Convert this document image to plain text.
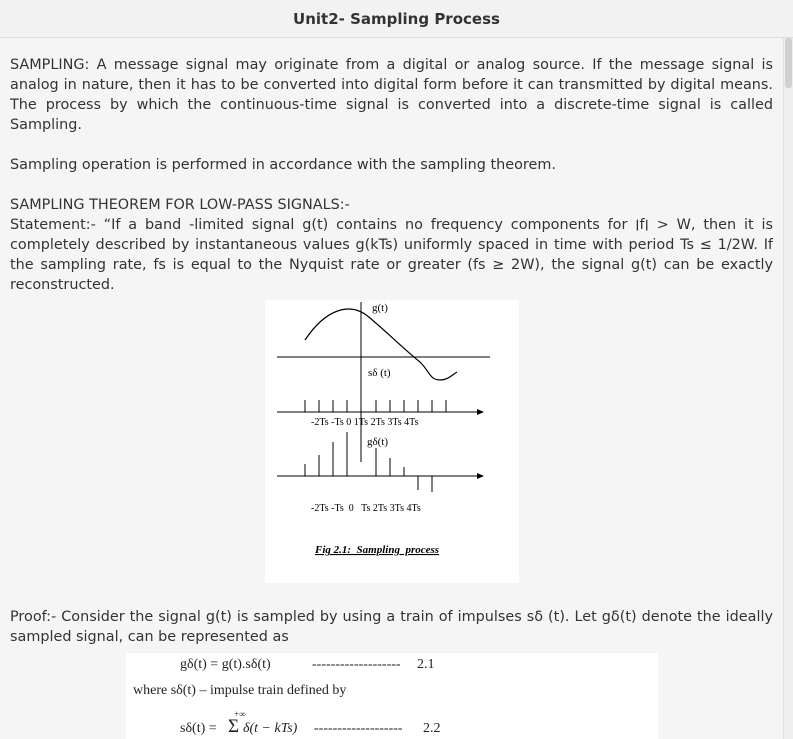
Unit2- Sampling Process

SAMPLING: A message signal may originate from a digital or analog source. If the message signal is analog in nature, then it has to be converted into digital form before it can transmitted by digital means. The process by which the continuous-time signal is converted into a discrete-time signal is called Sampling.

Sampling operation is performed in accordance with the sampling theorem.

SAMPLING THEOREM FOR LOW-PASS SIGNALS:-

Statement:- “If a band -limited signal g(t) contains no frequency components for ׀f׀ > W, then it is completely described by instantaneous values g(kTs) uniformly spaced in time with period Ts ≤ 1/2W. If the sampling rate, fs is equal to the Nyquist rate or greater (fs ≥ 2W), the signal g(t) can be exactly reconstructed.

g(t)
sδ (t)
-2Ts -Ts 0 1Ts 2Ts 3Ts 4Ts
gδ(t)
-2Ts -Ts  0   Ts 2Ts 3Ts 4Ts
Fig 2.1:  Sampling  process

Proof:- Consider the signal g(t) is sampled by using a train of impulses sδ (t). Let gδ(t) denote the ideally sampled signal, can be represented as

gδ(t) = g(t).sδ(t)	------------------- 2.1
where sδ(t) – impulse train defined by
+∞
sδ(t) = Σ δ(t − kTs) ------------------- 2.2
